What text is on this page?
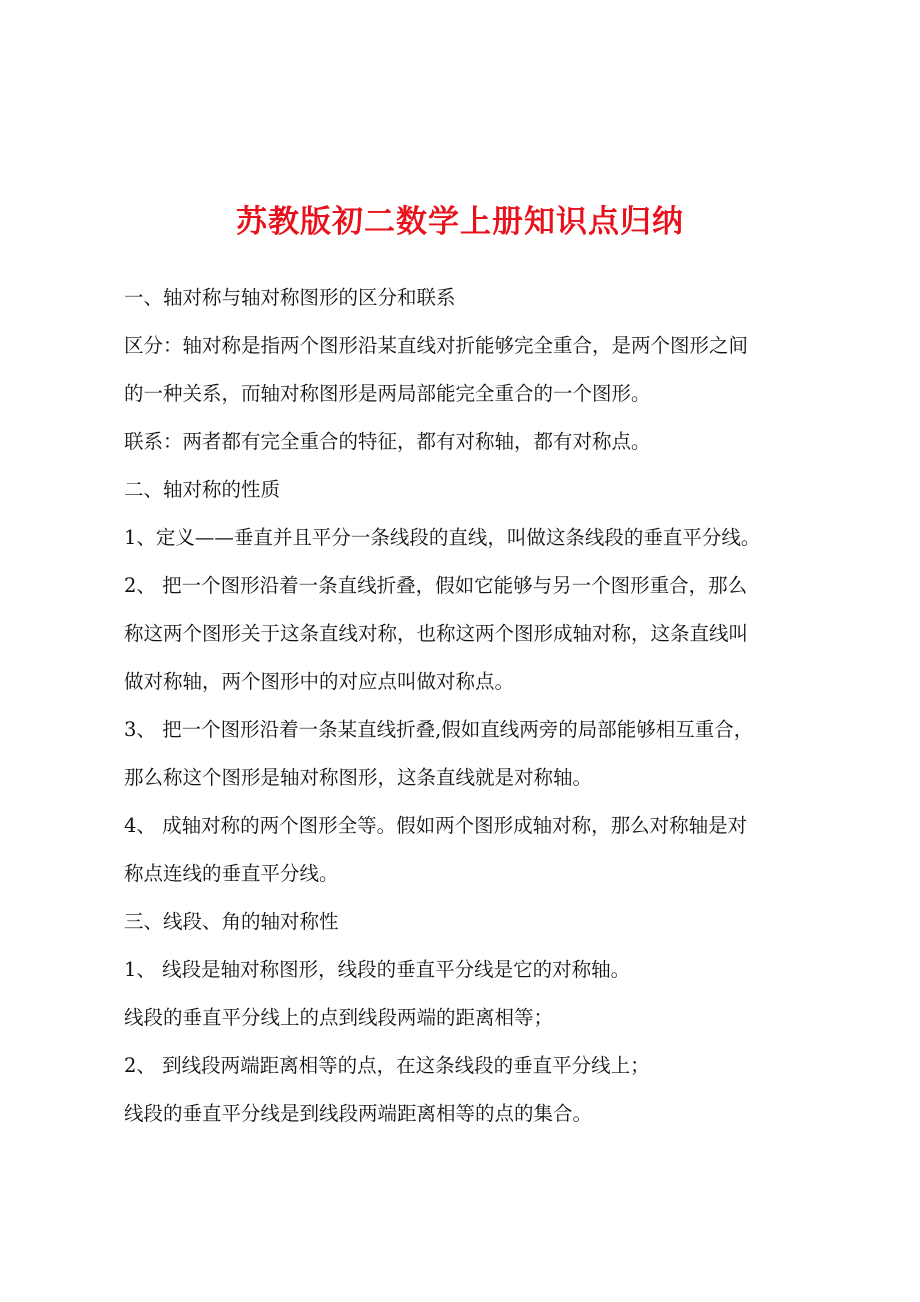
苏教版初二数学上册知识点归纳
一、轴对称与轴对称图形的区分和联系
区分：轴对称是指两个图形沿某直线对折能够完全重合，是两个图形之间
的一种关系，而轴对称图形是两局部能完全重合的一个图形。
联系：两者都有完全重合的特征，都有对称轴，都有对称点。
二、轴对称的性质
1、定义——垂直并且平分一条线段的直线，叫做这条线段的垂直平分线。
2、 把一个图形沿着一条直线折叠，假如它能够与另一个图形重合，那么
称这两个图形关于这条直线对称，也称这两个图形成轴对称，这条直线叫
做对称轴，两个图形中的对应点叫做对称点。
3、 把一个图形沿着一条某直线折叠,假如直线两旁的局部能够相互重合，
那么称这个图形是轴对称图形，这条直线就是对称轴。
4、 成轴对称的两个图形全等。假如两个图形成轴对称，那么对称轴是对
称点连线的垂直平分线。
三、线段、角的轴对称性
1、 线段是轴对称图形，线段的垂直平分线是它的对称轴。
线段的垂直平分线上的点到线段两端的距离相等；
2、 到线段两端距离相等的点，在这条线段的垂直平分线上；
线段的垂直平分线是到线段两端距离相等的点的集合。
